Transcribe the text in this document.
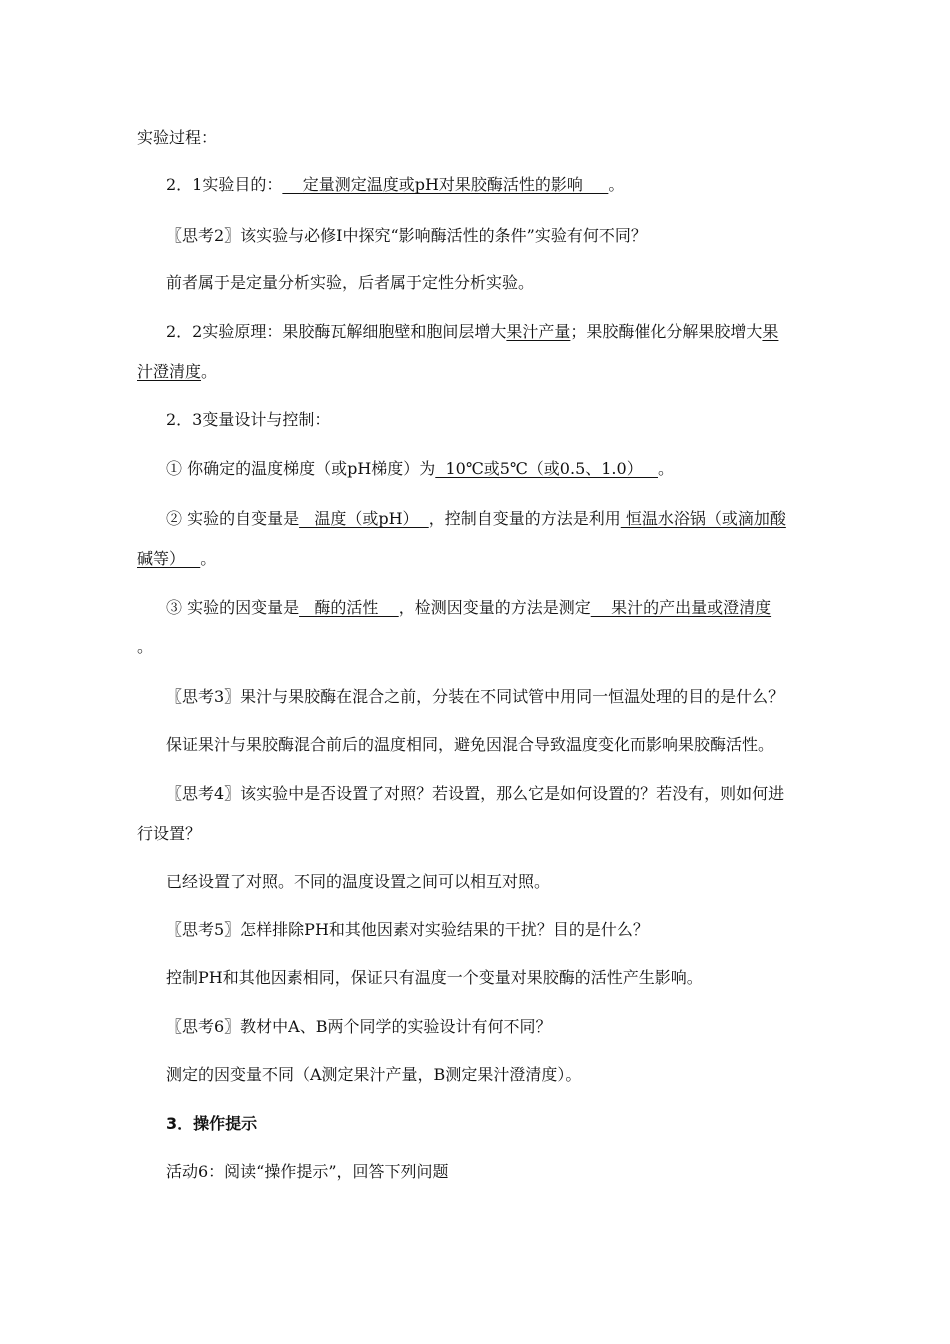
实验过程：
2．1实验目的：    定量测定温度或pH对果胶酶活性的影响     。
〖思考2〗该实验与必修Ⅰ中探究“影响酶活性的条件”实验有何不同？
前者属于是定量分析实验，后者属于定性分析实验。
2．2实验原理：果胶酶瓦解细胞壁和胞间层增大果汁产量；果胶酶催化分解果胶增大果
汁澄清度。
2．3变量设计与控制：
① 你确定的温度梯度（或pH梯度）为  10℃或5℃（或0.5、1.0）   。
② 实验的自变量是   温度（或pH）  ，控制自变量的方法是利用 恒温水浴锅（或滴加酸
碱等）   。
③ 实验的因变量是   酶的活性    ，检测因变量的方法是测定    果汁的产出量或澄清度
。
〖思考3〗果汁与果胶酶在混合之前，分装在不同试管中用同一恒温处理的目的是什么？
保证果汁与果胶酶混合前后的温度相同，避免因混合导致温度变化而影响果胶酶活性。
〖思考4〗该实验中是否设置了对照？若设置，那么它是如何设置的？若没有，则如何进
行设置？
已经设置了对照。不同的温度设置之间可以相互对照。
〖思考5〗怎样排除PH和其他因素对实验结果的干扰？目的是什么？
控制PH和其他因素相同，保证只有温度一个变量对果胶酶的活性产生影响。
〖思考6〗教材中A、B两个同学的实验设计有何不同？
测定的因变量不同（A测定果汁产量，B测定果汁澄清度）。
3．操作提示
活动6：阅读“操作提示”，回答下列问题
